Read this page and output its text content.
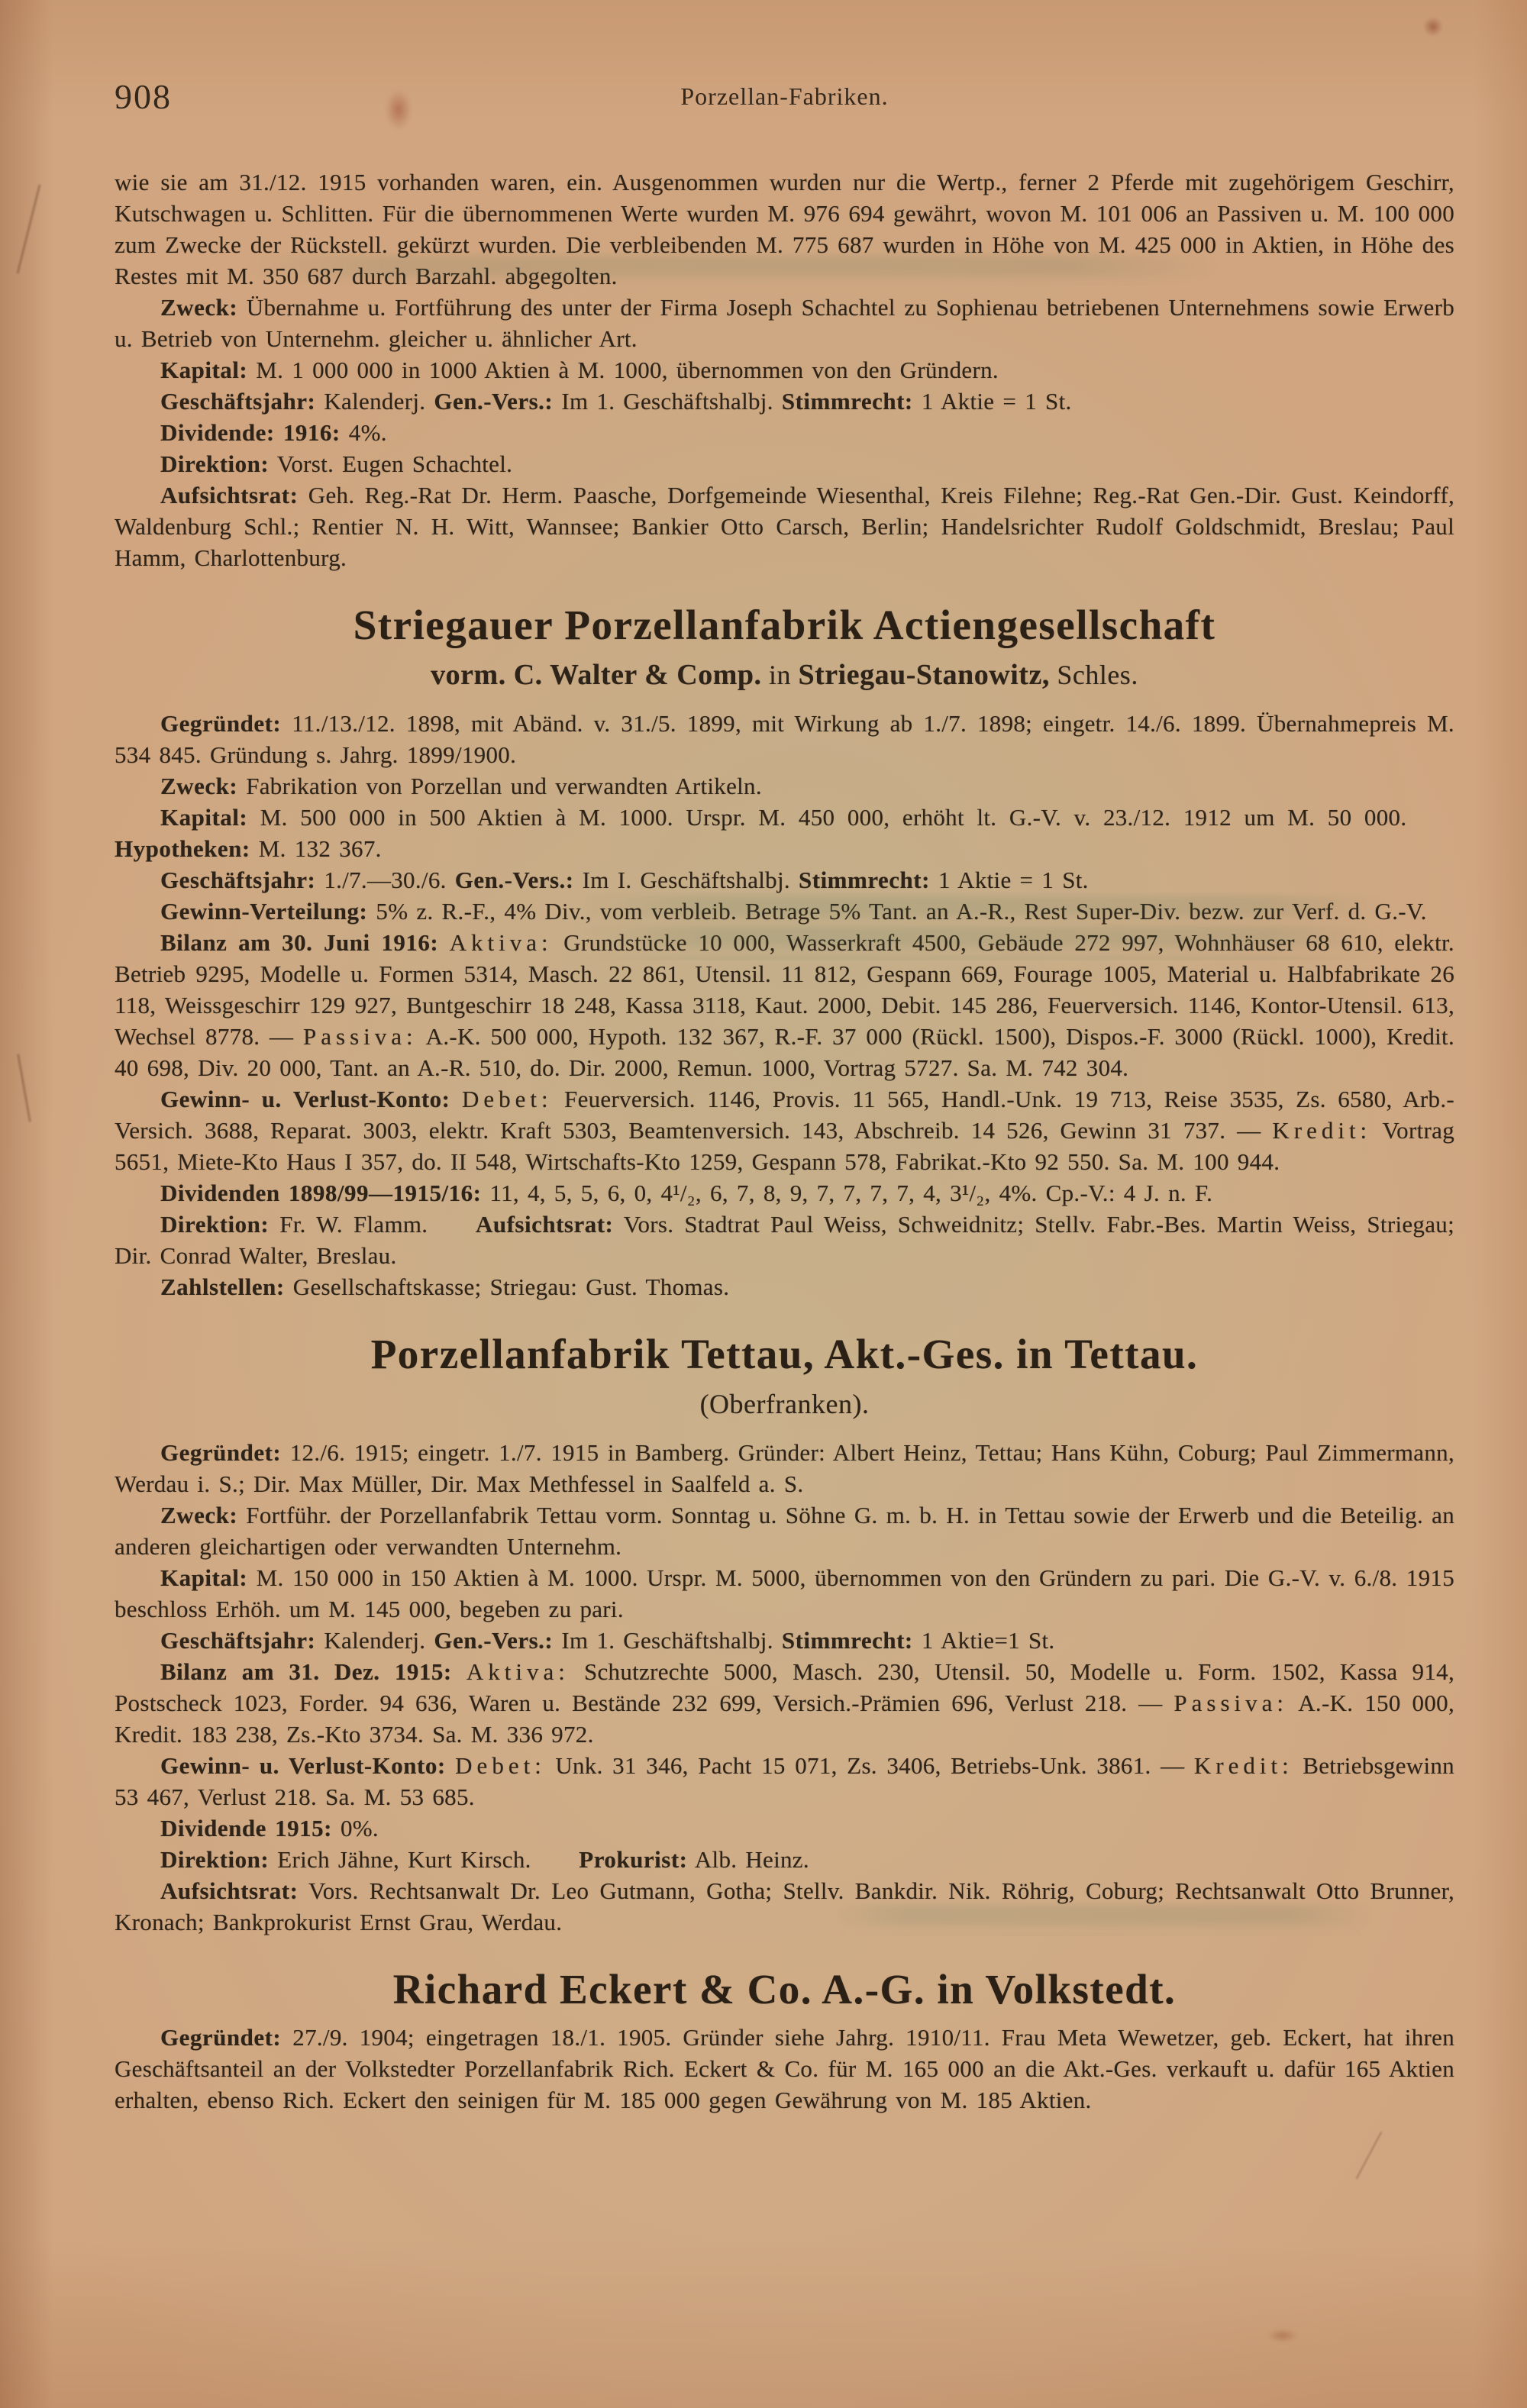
908	Porzellan-Fabriken.

wie sie am 31./12. 1915 vorhanden waren, ein. Ausgenommen wurden nur die Wertp., ferner 2 Pferde mit zugehörigem Geschirr, Kutschwagen u. Schlitten. Für die übernommenen Werte wurden M. 976 694 gewährt, wovon M. 101 006 an Passiven u. M. 100 000 zum Zwecke der Rückstell. gekürzt wurden. Die verbleibenden M. 775 687 wurden in Höhe von M. 425 000 in Aktien, in Höhe des Restes mit M. 350 687 durch Barzahl. abgegolten.

Zweck: Übernahme u. Fortführung des unter der Firma Joseph Schachtel zu Sophienau betriebenen Unternehmens sowie Erwerb u. Betrieb von Unternehm. gleicher u. ähnlicher Art.

Kapital: M. 1 000 000 in 1000 Aktien à M. 1000, übernommen von den Gründern.

Geschäftsjahr: Kalenderj. Gen.-Vers.: Im 1. Geschäftshalbj. Stimmrecht: 1 Aktie = 1 St.

Dividende: 1916: 4%.

Direktion: Vorst. Eugen Schachtel.

Aufsichtsrat: Geh. Reg.-Rat Dr. Herm. Paasche, Dorfgemeinde Wiesenthal, Kreis Filehne; Reg.-Rat Gen.-Dir. Gust. Keindorff, Waldenburg Schl.; Rentier N. H. Witt, Wannsee; Bankier Otto Carsch, Berlin; Handelsrichter Rudolf Goldschmidt, Breslau; Paul Hamm, Charlottenburg.

Striegauer Porzellanfabrik Actiengesellschaft
vorm. C. Walter & Comp. in Striegau-Stanowitz, Schles.

Gegründet: 11./13./12. 1898, mit Abänd. v. 31./5. 1899, mit Wirkung ab 1./7. 1898; eingetr. 14./6. 1899. Übernahmepreis M. 534 845. Gründung s. Jahrg. 1899/1900.

Zweck: Fabrikation von Porzellan und verwandten Artikeln.

Kapital: M. 500 000 in 500 Aktien à M. 1000. Urspr. M. 450 000, erhöht lt. G.-V. v. 23./12. 1912 um M. 50 000.  Hypotheken: M. 132 367.

Geschäftsjahr: 1./7.—30./6. Gen.-Vers.: Im I. Geschäftshalbj. Stimmrecht: 1 Aktie = 1 St.

Gewinn-Verteilung: 5% z. R.-F., 4% Div., vom verbleib. Betrage 5% Tant. an A.-R., Rest Super-Div. bezw. zur Verf. d. G.-V.

Bilanz am 30. Juni 1916: Aktiva: Grundstücke 10 000, Wasserkraft 4500, Gebäude 272 997, Wohnhäuser 68 610, elektr. Betrieb 9295, Modelle u. Formen 5314, Masch. 22 861, Utensil. 11 812, Gespann 669, Fourage 1005, Material u. Halbfabrikate 26 118, Weissgeschirr 129 927, Buntgeschirr 18 248, Kassa 3118, Kaut. 2000, Debit. 145 286, Feuerversich. 1146, Kontor-Utensil. 613, Wechsel 8778. — Passiva: A.-K. 500 000, Hypoth. 132 367, R.-F. 37 000 (Rückl. 1500), Dispos.-F. 3000 (Rückl. 1000), Kredit. 40 698, Div. 20 000, Tant. an A.-R. 510, do. Dir. 2000, Remun. 1000, Vortrag 5727. Sa. M. 742 304.

Gewinn- u. Verlust-Konto: Debet: Feuerversich. 1146, Provis. 11 565, Handl.-Unk. 19 713, Reise 3535, Zs. 6580, Arb.-Versich. 3688, Reparat. 3003, elektr. Kraft 5303, Beamtenversich. 143, Abschreib. 14 526, Gewinn 31 737. — Kredit: Vortrag 5651, Miete-Kto Haus I 357, do. II 548, Wirtschafts-Kto 1259, Gespann 578, Fabrikat.-Kto 92 550. Sa. M. 100 944.

Dividenden 1898/99—1915/16: 11, 4, 5, 5, 6, 0, 4¹/₂, 6, 7, 8, 9, 7, 7, 7, 7, 4, 3¹/₂, 4%. Cp.-V.: 4 J. n. F.

Direktion: Fr. W. Flamm.  Aufsichtsrat: Vors. Stadtrat Paul Weiss, Schweidnitz; Stellv. Fabr.-Bes. Martin Weiss, Striegau; Dir. Conrad Walter, Breslau.

Zahlstellen: Gesellschaftskasse; Striegau: Gust. Thomas.

Porzellanfabrik Tettau, Akt.-Ges. in Tettau.
(Oberfranken).

Gegründet: 12./6. 1915; eingetr. 1./7. 1915 in Bamberg. Gründer: Albert Heinz, Tettau; Hans Kühn, Coburg; Paul Zimmermann, Werdau i. S.; Dir. Max Müller, Dir. Max Methfessel in Saalfeld a. S.

Zweck: Fortführ. der Porzellanfabrik Tettau vorm. Sonntag u. Söhne G. m. b. H. in Tettau sowie der Erwerb und die Beteilig. an anderen gleichartigen oder verwandten Unternehm.

Kapital: M. 150 000 in 150 Aktien à M. 1000. Urspr. M. 5000, übernommen von den Gründern zu pari. Die G.-V. v. 6./8. 1915 beschloss Erhöh. um M. 145 000, begeben zu pari.

Geschäftsjahr: Kalenderj. Gen.-Vers.: Im 1. Geschäftshalbj. Stimmrecht: 1 Aktie=1 St.

Bilanz am 31. Dez. 1915: Aktiva: Schutzrechte 5000, Masch. 230, Utensil. 50, Modelle u. Form. 1502, Kassa 914, Postscheck 1023, Forder. 94 636, Waren u. Bestände 232 699, Versich.-Prämien 696, Verlust 218. — Passiva: A.-K. 150 000, Kredit. 183 238, Zs.-Kto 3734. Sa. M. 336 972.

Gewinn- u. Verlust-Konto: Debet: Unk. 31 346, Pacht 15 071, Zs. 3406, Betriebs-Unk. 3861. — Kredit: Betriebsgewinn 53 467, Verlust 218. Sa. M. 53 685.

Dividende 1915: 0%.

Direktion: Erich Jähne, Kurt Kirsch.  Prokurist: Alb. Heinz.

Aufsichtsrat: Vors. Rechtsanwalt Dr. Leo Gutmann, Gotha; Stellv. Bankdir. Nik. Röhrig, Coburg; Rechtsanwalt Otto Brunner, Kronach; Bankprokurist Ernst Grau, Werdau.

Richard Eckert & Co. A.-G. in Volkstedt.

Gegründet: 27./9. 1904; eingetragen 18./1. 1905. Gründer siehe Jahrg. 1910/11. Frau Meta Wewetzer, geb. Eckert, hat ihren Geschäftsanteil an der Volkstedter Porzellanfabrik Rich. Eckert & Co. für M. 165 000 an die Akt.-Ges. verkauft u. dafür 165 Aktien erhalten, ebenso Rich. Eckert den seinigen für M. 185 000 gegen Gewährung von M. 185 Aktien.
